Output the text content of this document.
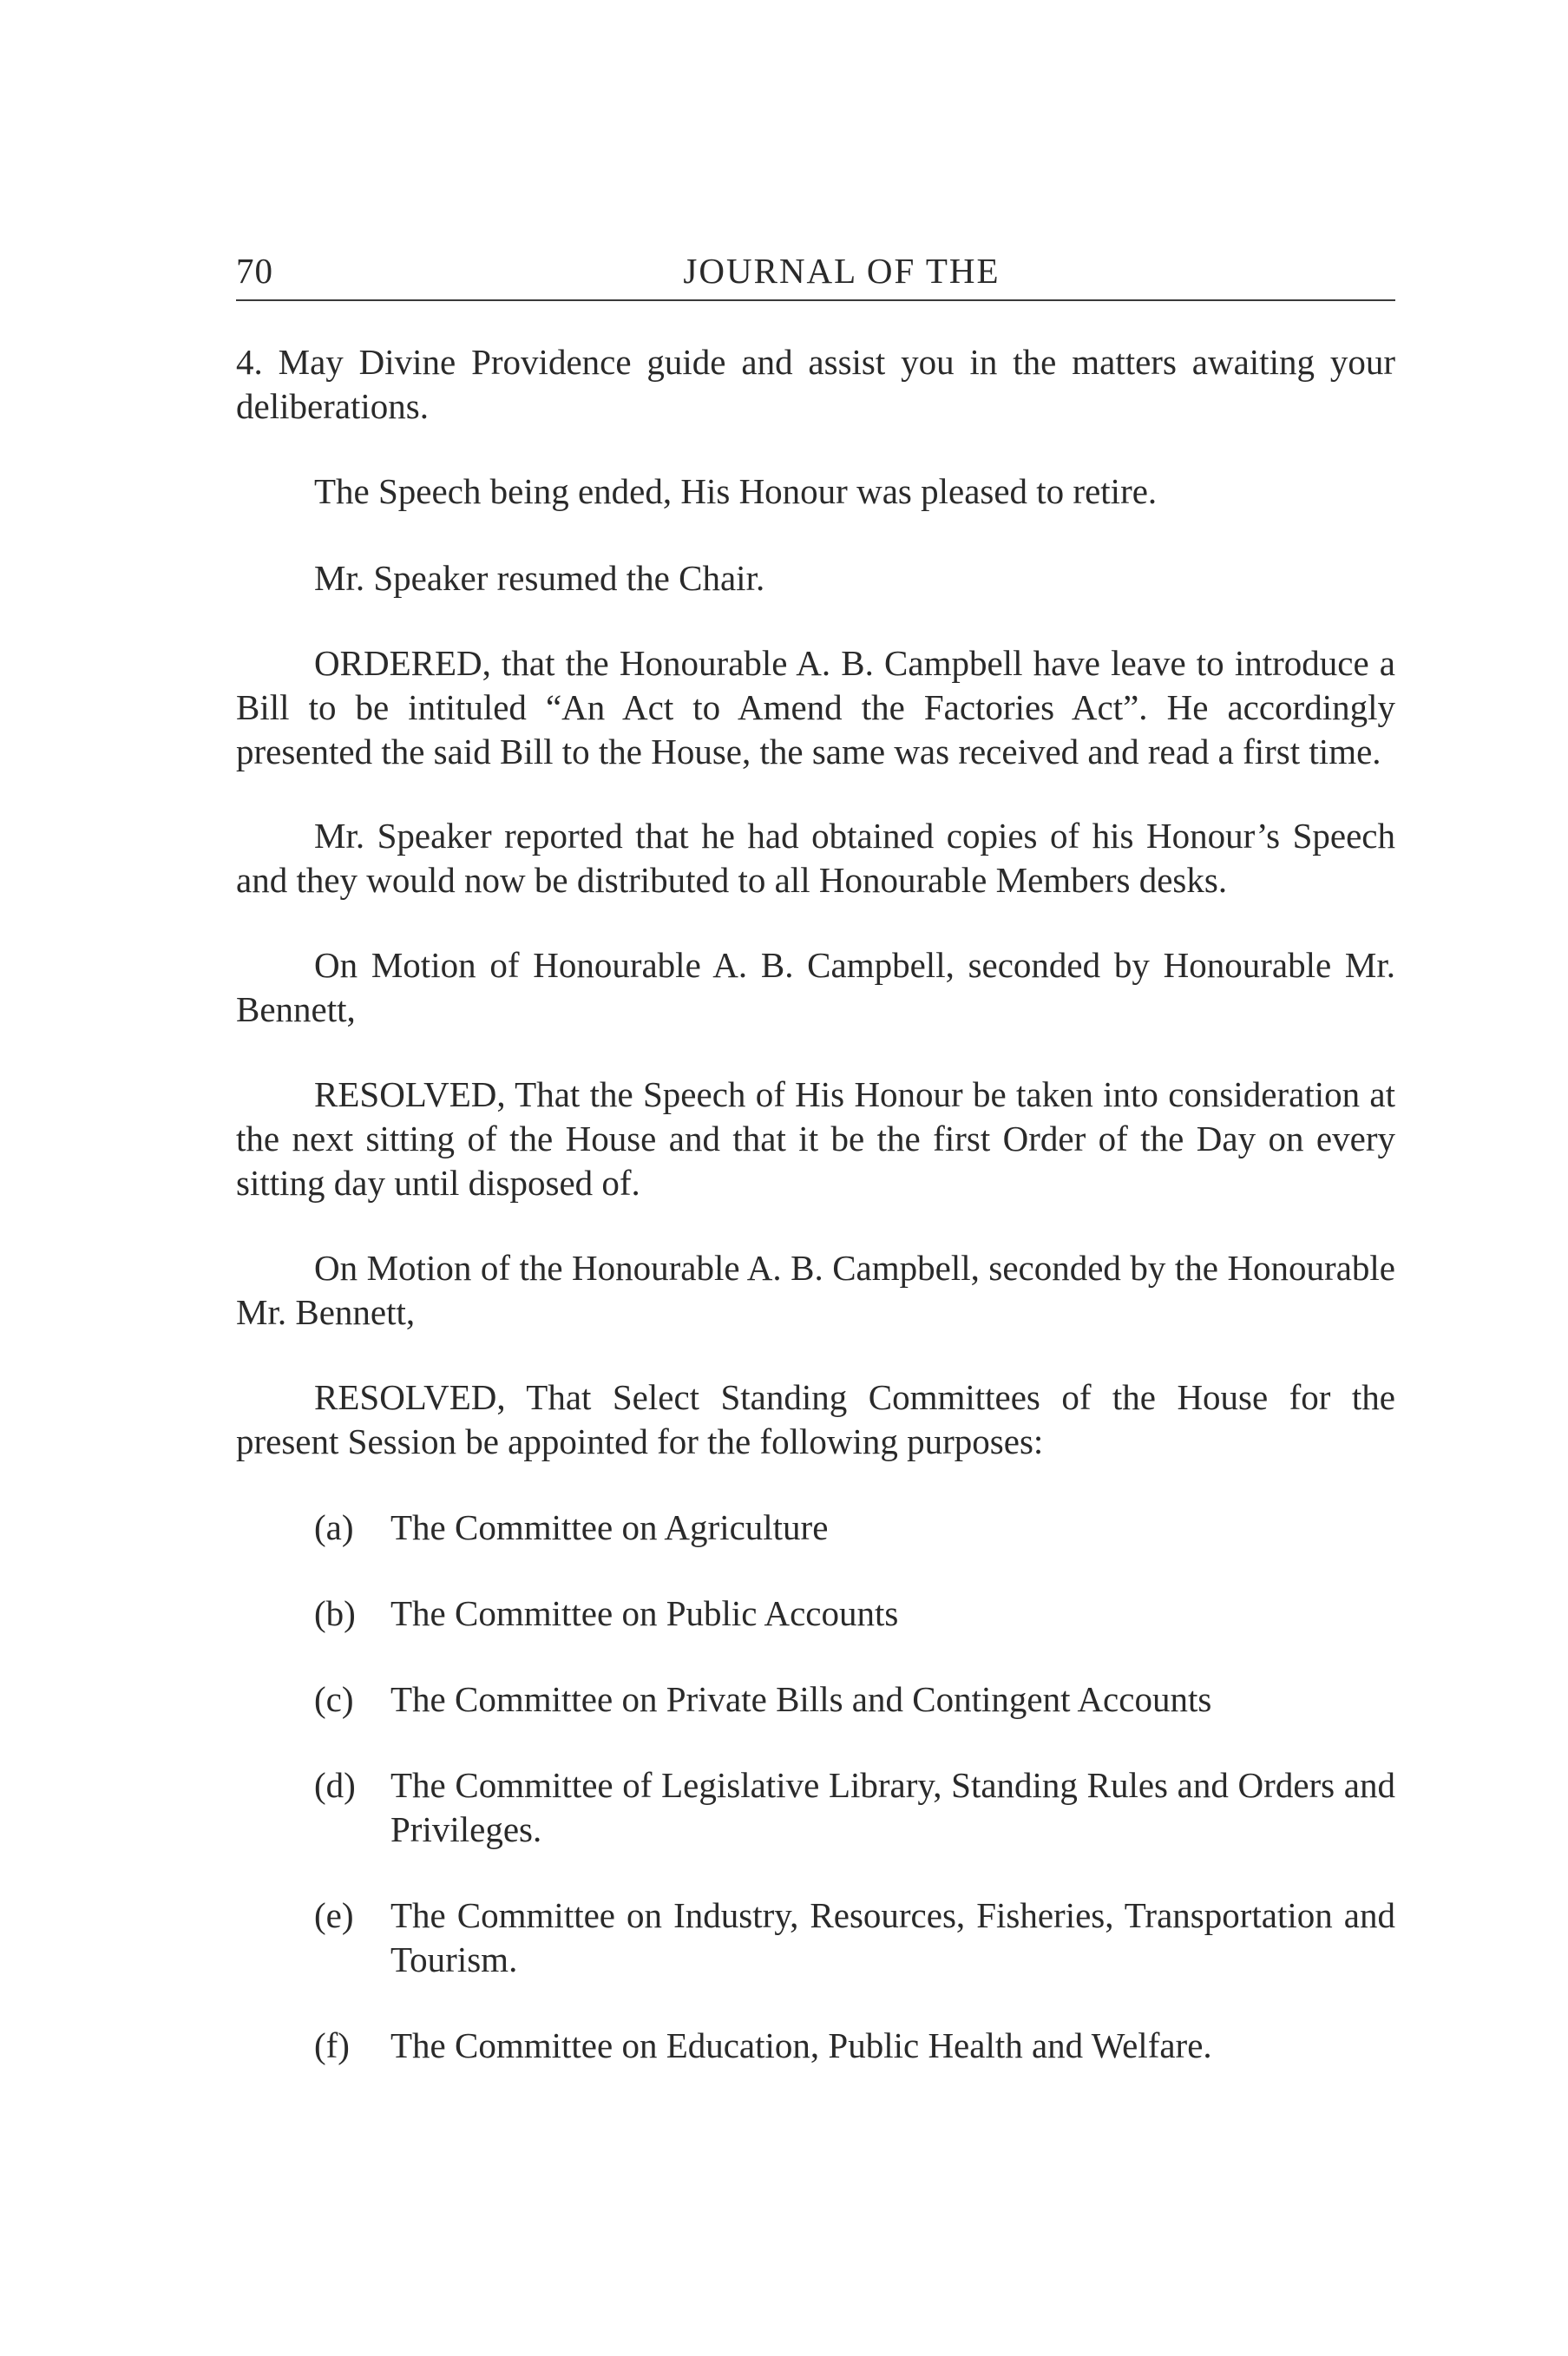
70	JOURNAL OF THE

4. May Divine Providence guide and assist you in the matters awaiting your deliberations.

The Speech being ended, His Honour was pleased to retire.

Mr. Speaker resumed the Chair.

ORDERED, that the Honourable A. B. Campbell have leave to introduce a Bill to be intituled “An Act to Amend the Factories Act”. He accordingly presented the said Bill to the House, the same was received and read a first time.

Mr. Speaker reported that he had obtained copies of his Honour’s Speech and they would now be distributed to all Honourable Members desks.

On Motion of Honourable A. B. Campbell, seconded by Honourable Mr. Bennett,

RESOLVED, That the Speech of His Honour be taken into consideration at the next sitting of the House and that it be the first Order of the Day on every sitting day until disposed of.

On Motion of the Honourable A. B. Campbell, seconded by the Honourable Mr. Bennett,

RESOLVED, That Select Standing Committees of the House for the present Session be appointed for the following purposes:

(a) The Committee on Agriculture

(b) The Committee on Public Accounts

(c) The Committee on Private Bills and Contingent Accounts

(d) The Committee of Legislative Library, Standing Rules and Orders and Privileges.

(e) The Committee on Industry, Resources, Fisheries, Transportation and Tourism.

(f) The Committee on Education, Public Health and Welfare.
